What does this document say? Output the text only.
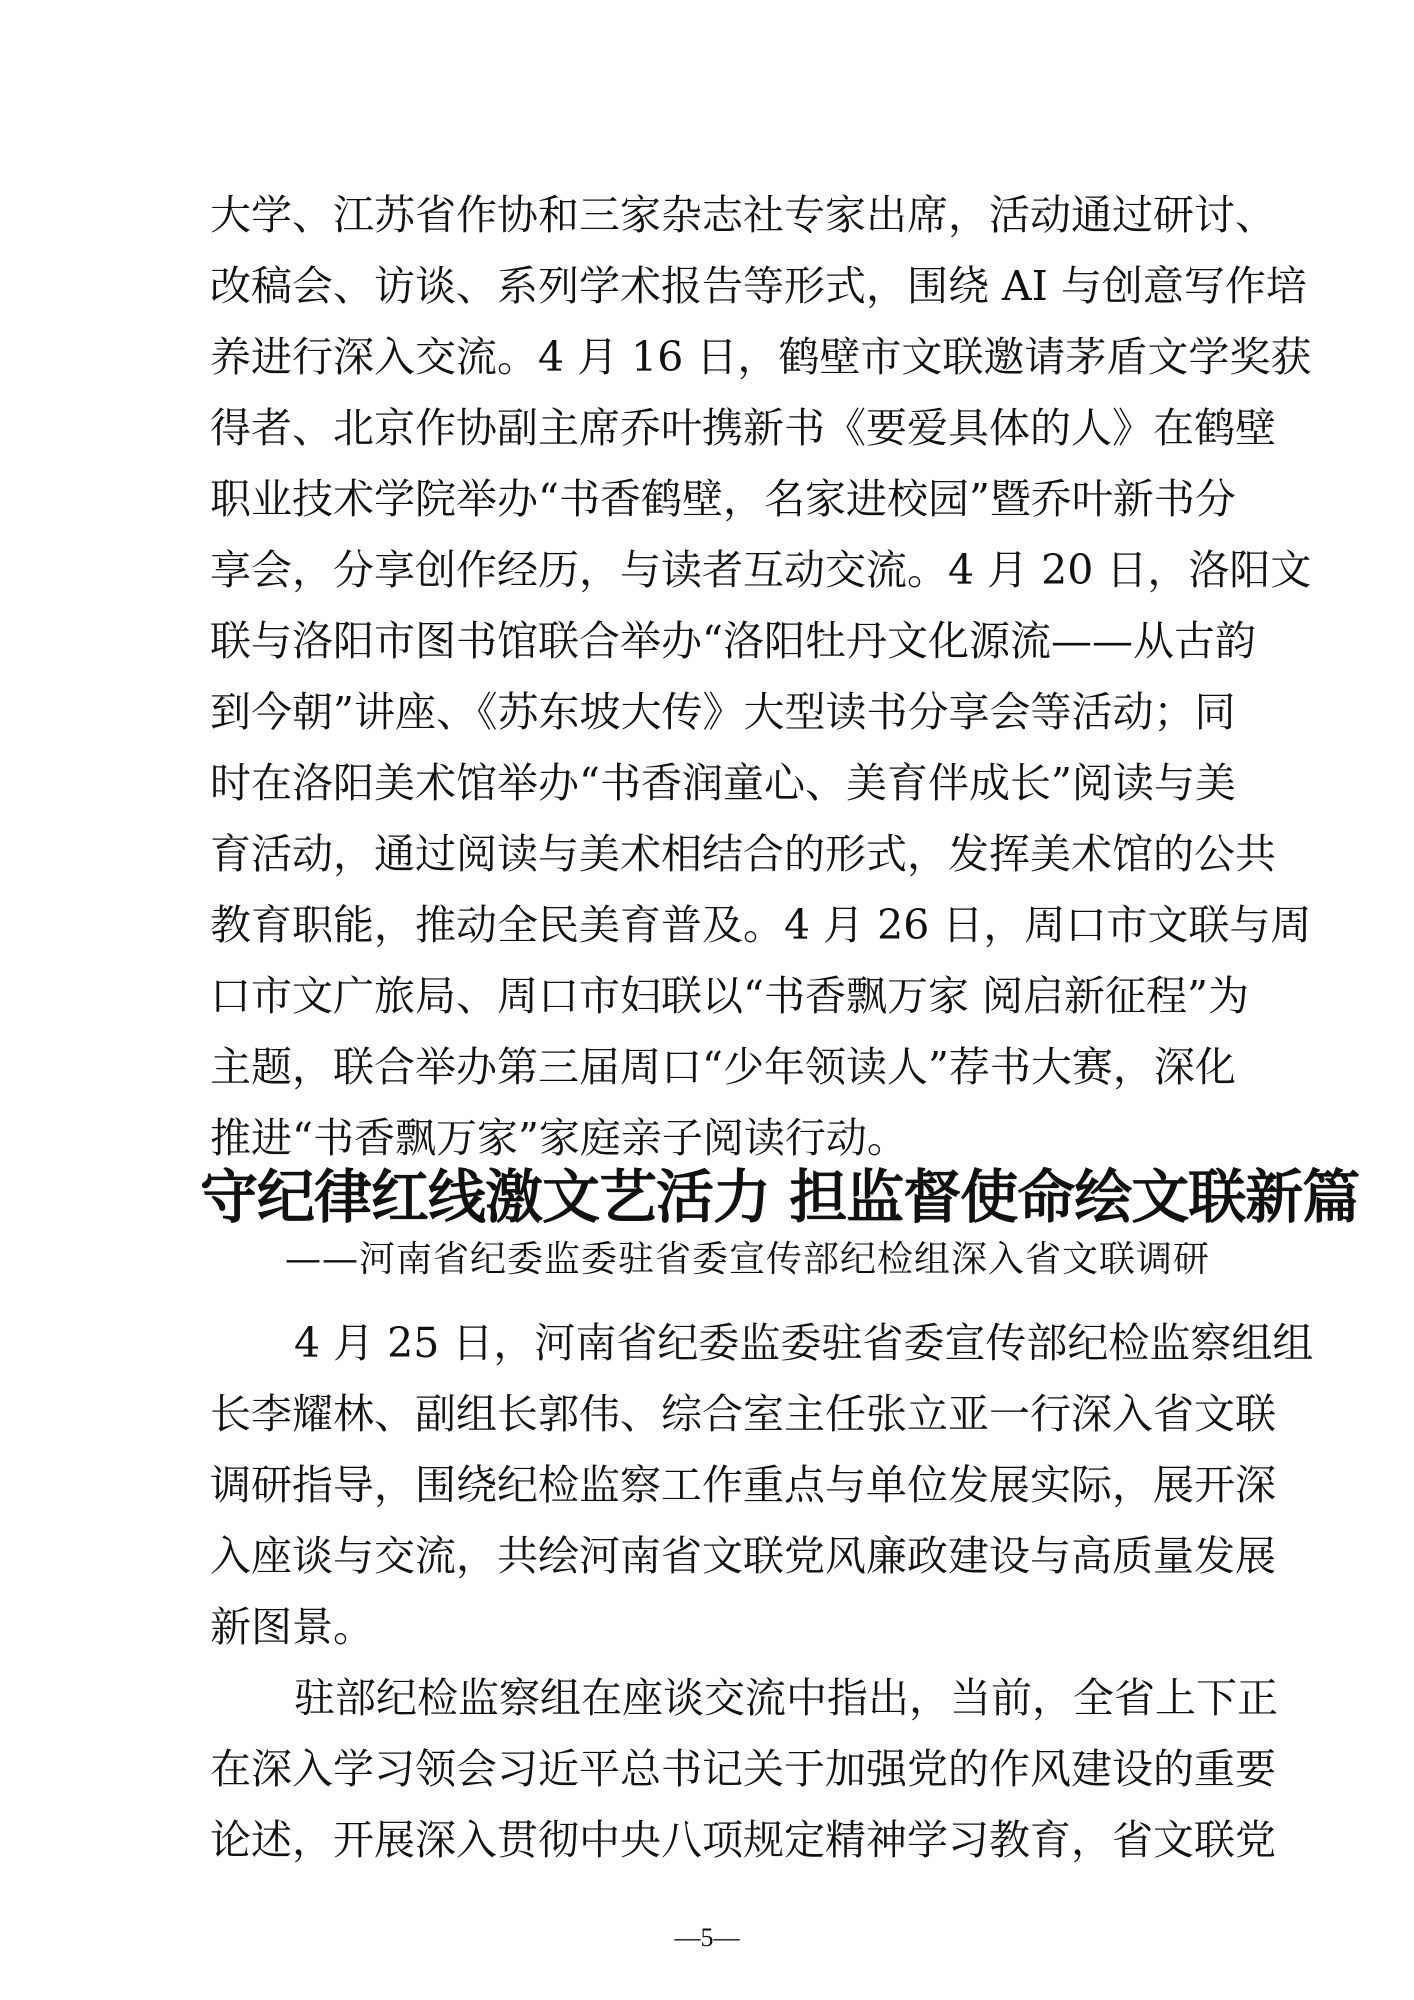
大学、江苏省作协和三家杂志社专家出席，活动通过研讨、
改稿会、访谈、系列学术报告等形式，围绕 AI 与创意写作培
养进行深入交流。4 月 16 日，鹤壁市文联邀请茅盾文学奖获
得者、北京作协副主席乔叶携新书《要爱具体的人》在鹤壁
职业技术学院举办“书香鹤壁，名家进校园”暨乔叶新书分
享会，分享创作经历，与读者互动交流。4 月 20 日，洛阳文
联与洛阳市图书馆联合举办“洛阳牡丹文化源流——从古韵
到今朝”讲座、《苏东坡大传》大型读书分享会等活动；同
时在洛阳美术馆举办“书香润童心、美育伴成长”阅读与美
育活动，通过阅读与美术相结合的形式，发挥美术馆的公共
教育职能，推动全民美育普及。4 月 26 日，周口市文联与周
口市文广旅局、周口市妇联以“书香飘万家 阅启新征程”为
主题，联合举办第三届周口“少年领读人”荐书大赛，深化
推进“书香飘万家”家庭亲子阅读行动。
守纪律红线激文艺活力 担监督使命绘文联新篇
——河南省纪委监委驻省委宣传部纪检组深入省文联调研
4 月 25 日，河南省纪委监委驻省委宣传部纪检监察组组
长李耀林、副组长郭伟、综合室主任张立亚一行深入省文联
调研指导，围绕纪检监察工作重点与单位发展实际，展开深
入座谈与交流，共绘河南省文联党风廉政建设与高质量发展
新图景。
驻部纪检监察组在座谈交流中指出，当前，全省上下正
在深入学习领会习近平总书记关于加强党的作风建设的重要
论述，开展深入贯彻中央八项规定精神学习教育，省文联党
—5—
